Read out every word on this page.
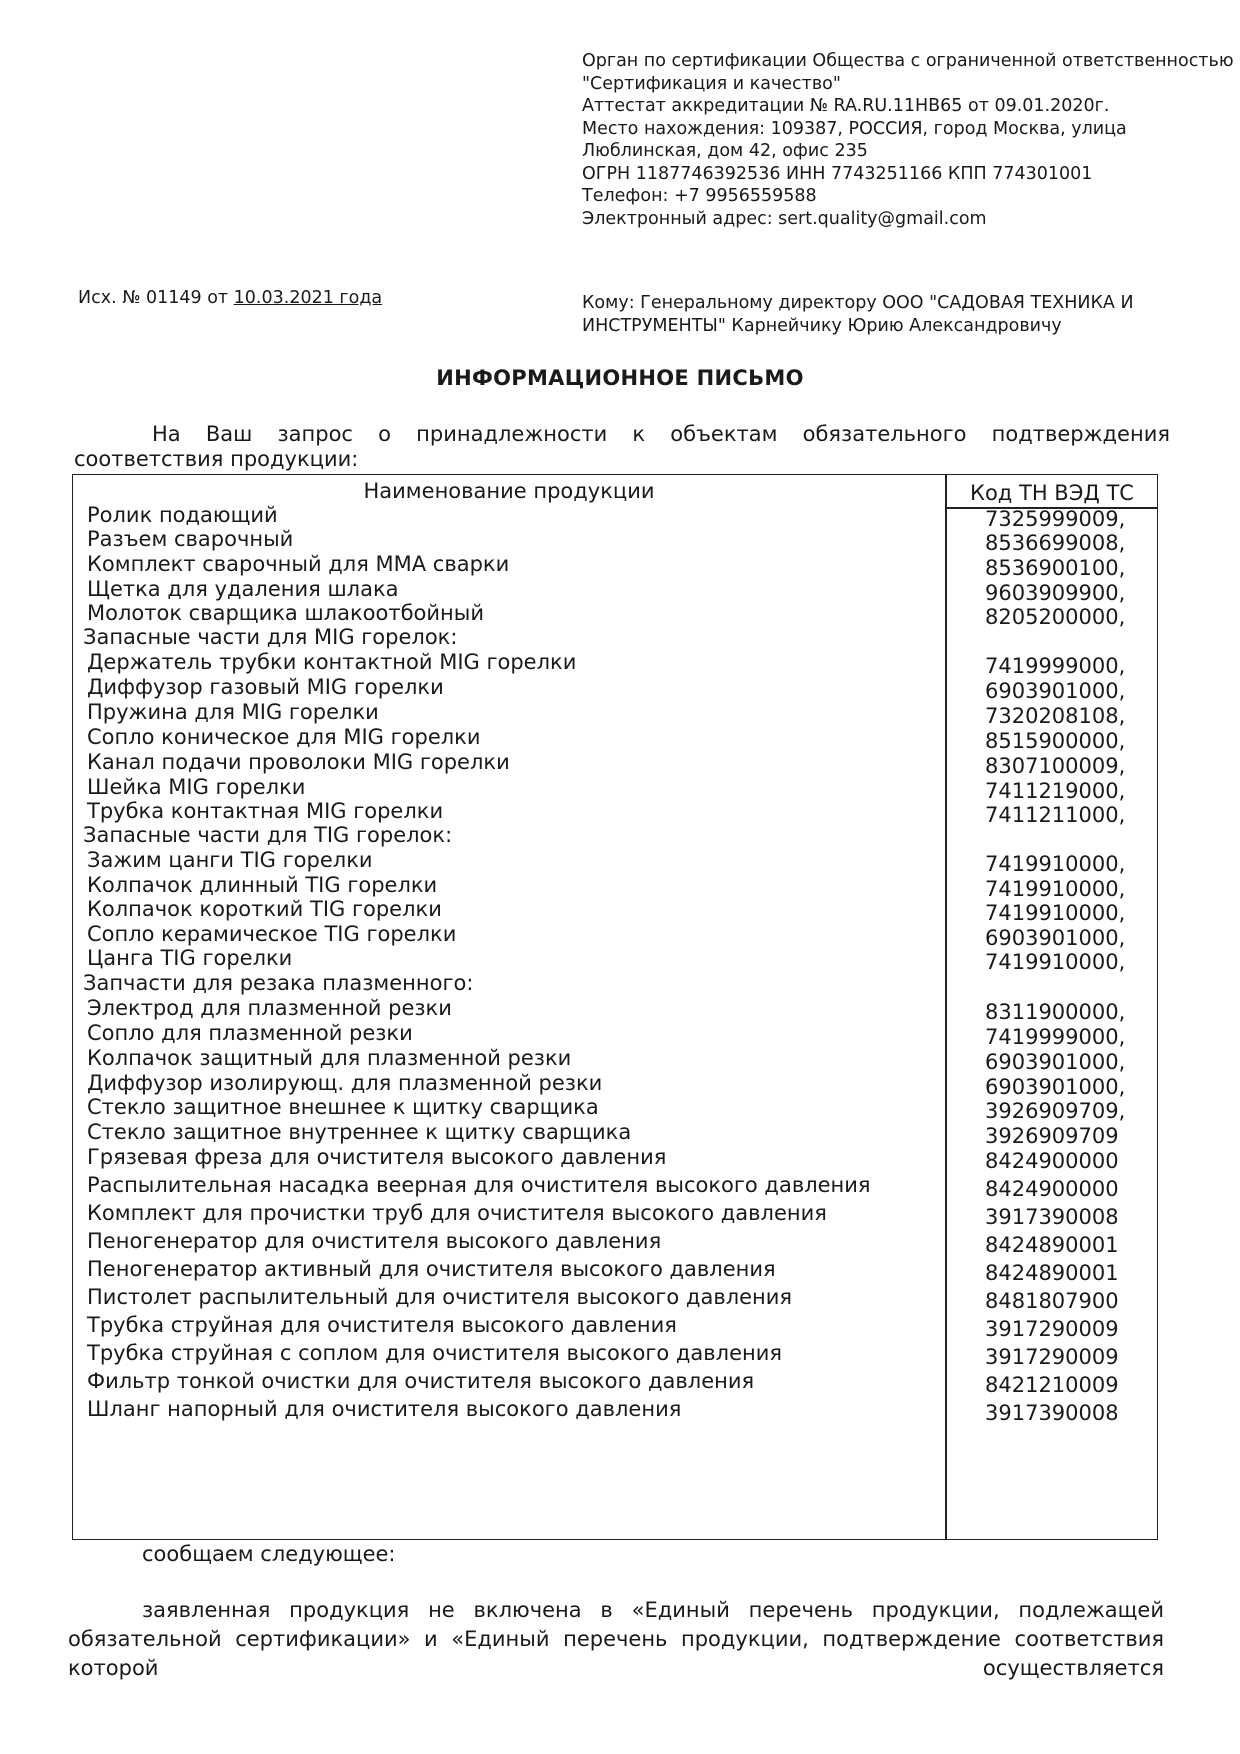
Орган по сертификации Общества с ограниченной ответственностью
"Сертификация и качество"
Аттестат аккредитации № RA.RU.11НВ65 от 09.01.2020г.
Место нахождения: 109387, РОССИЯ, город Москва, улица
Люблинская, дом 42, офис 235
ОГРН 1187746392536 ИНН 7743251166 КПП 774301001
Телефон: +7 9956559588
Электронный адрес: sert.quality@gmail.com
Исх. № 01149 от 10.03.2021 года	Кому: Генеральному директору ООО "САДОВАЯ ТЕХНИКА И ИНСТРУМЕНТЫ" Карнейчику Юрию Александровичу
ИНФОРМАЦИОННОЕ ПИСЬМО
На Ваш запрос о принадлежности к объектам обязательного подтверждения соответствия продукции:
Наименование продукции	Код ТН ВЭД ТС
Ролик подающий	7325999009,
Разъем сварочный	8536699008,
Комплект сварочный для ММА сварки	8536900100,
Щетка для удаления шлака	9603909900,
Молоток сварщика шлакоотбойный	8205200000,
Запасные части для MIG горелок:
Держатель трубки контактной MIG горелки	7419999000,
Диффузор газовый MIG горелки	6903901000,
Пружина для MIG горелки	7320208108,
Сопло коническое для MIG горелки	8515900000,
Канал подачи проволоки MIG горелки	8307100009,
Шейка MIG горелки	7411219000,
Трубка контактная MIG горелки	7411211000,
Запасные части для TIG горелок:
Зажим цанги TIG горелки	7419910000,
Колпачок длинный TIG горелки	7419910000,
Колпачок короткий TIG горелки	7419910000,
Сопло керамическое TIG горелки	6903901000,
Цанга TIG горелки	7419910000,
Запчасти для резака плазменного:
Электрод для плазменной резки	8311900000,
Сопло для плазменной резки	7419999000,
Колпачок защитный для плазменной резки	6903901000,
Диффузор изолирующ. для плазменной резки	6903901000,
Стекло защитное внешнее к щитку сварщика	3926909709,
Стекло защитное внутреннее к щитку сварщика	3926909709
Грязевая фреза для очистителя высокого давления	8424900000
Распылительная насадка веерная для очистителя высокого давления	8424900000
Комплект для прочистки труб для очистителя высокого давления	3917390008
Пеногенератор для очистителя высокого давления	8424890001
Пеногенератор активный для очистителя высокого давления	8424890001
Пистолет распылительный для очистителя высокого давления	8481807900
Трубка струйная для очистителя высокого давления	3917290009
Трубка струйная с соплом для очистителя высокого давления	3917290009
Фильтр тонкой очистки для очистителя высокого давления	8421210009
Шланг напорный для очистителя высокого давления	3917390008
сообщаем следующее:
заявленная продукция не включена в «Единый перечень продукции, подлежащей обязательной сертификации» и «Единый перечень продукции, подтверждение соответствия которой осуществляется
